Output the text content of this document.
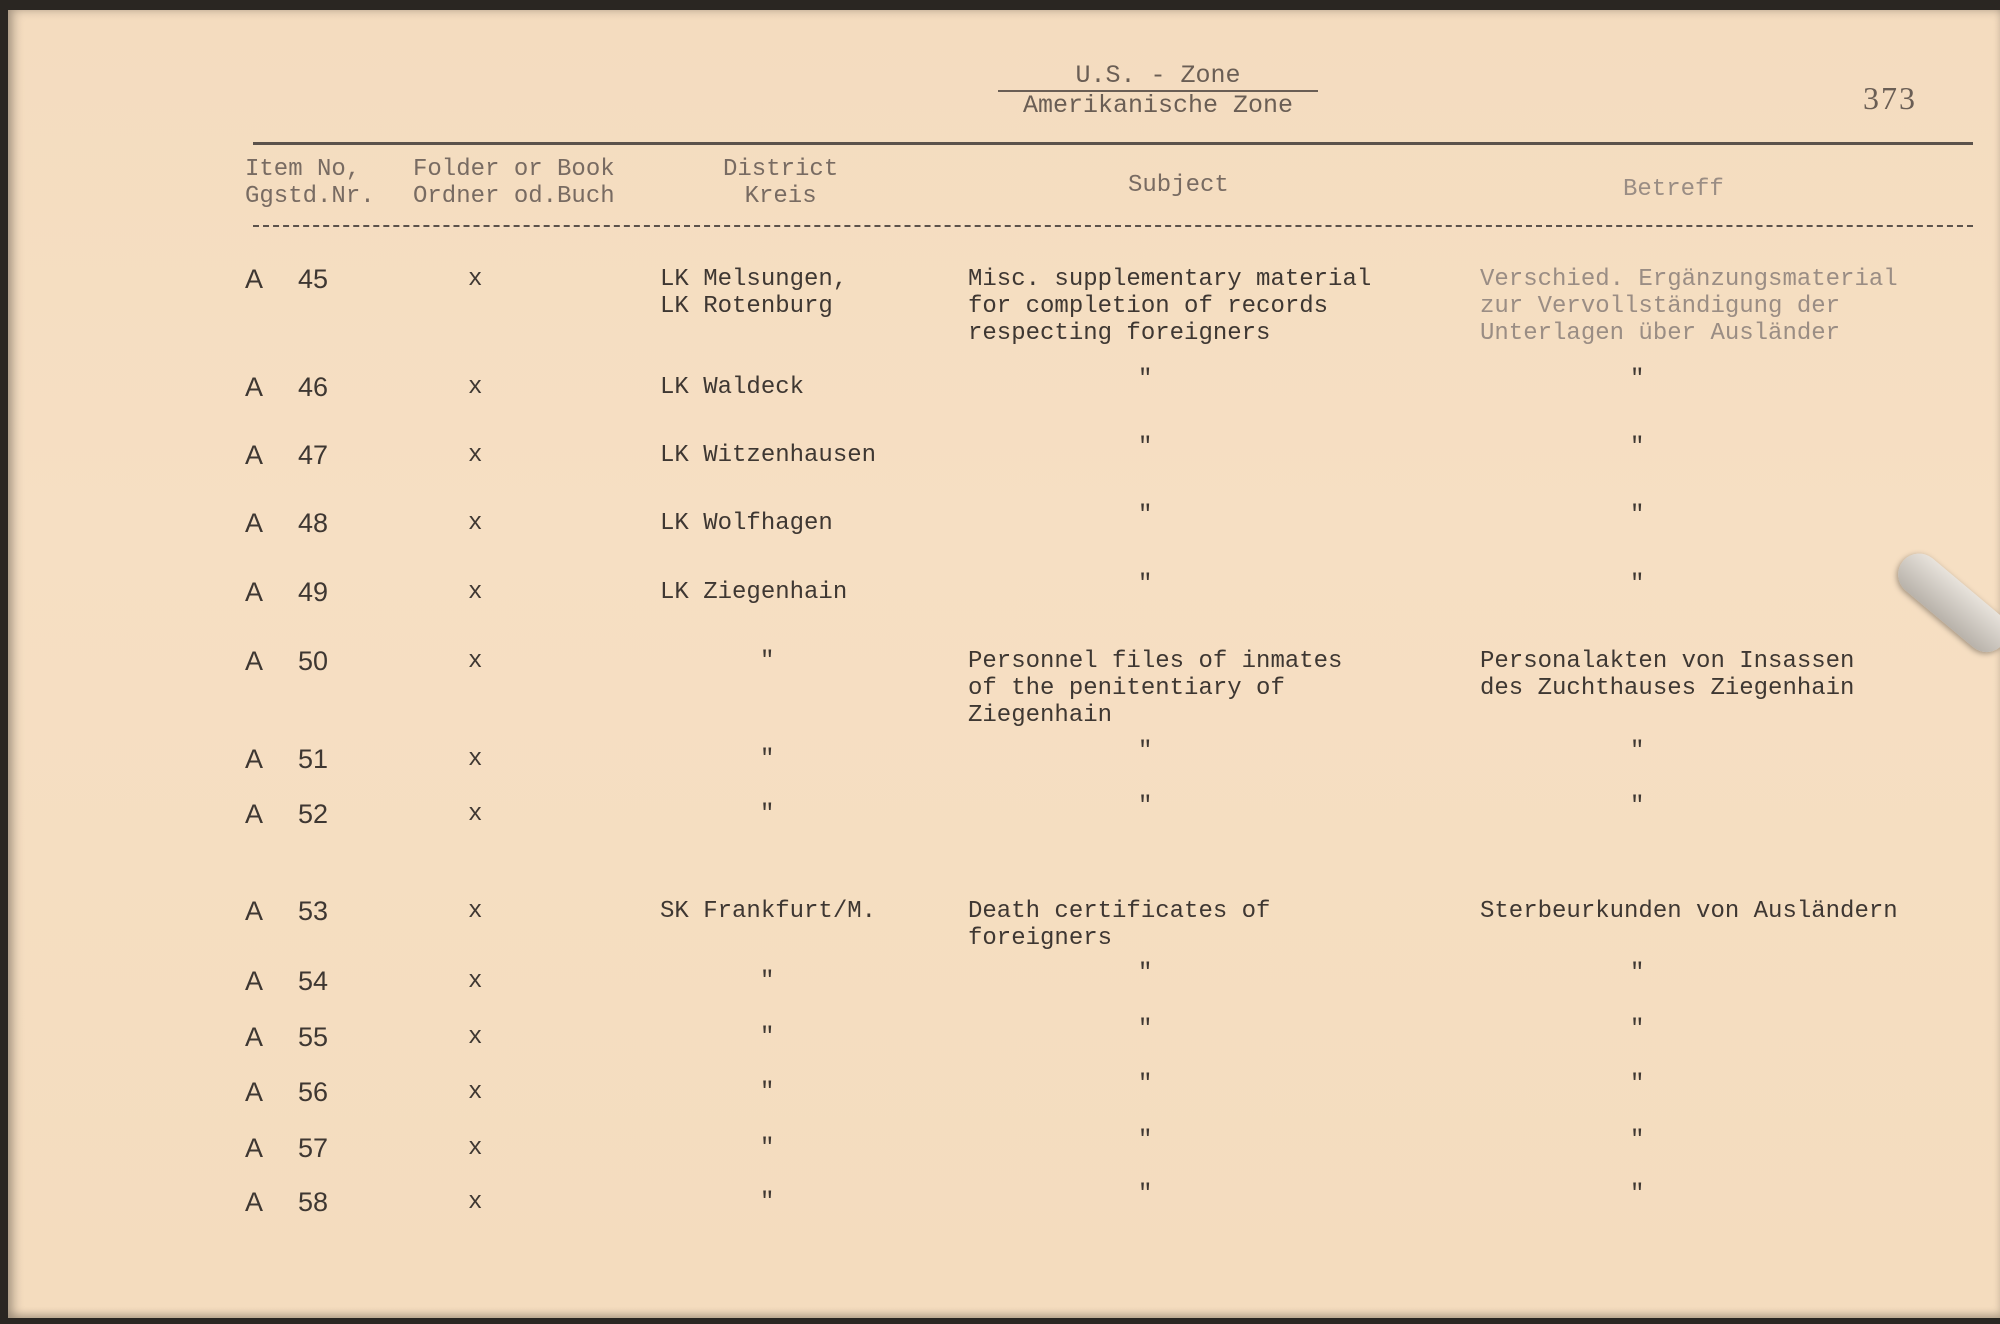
U.S. - Zone
Amerikanische Zone	373
Item No,
Ggstd.Nr.
Folder or Book
Ordner od.Buch
District
Kreis	Subject	Betreff
A 45	x	LK Melsungen,
LK Rotenburg
Misc. supplementary material
for completion of records
respecting foreigners
Verschied. Ergänzungsmaterial
zur Vervollständigung der
Unterlagen über Ausländer
A 46	x	LK Waldeck	"	"
A 47	x	LK Witzenhausen	"	"
A 48	x	LK Wolfhagen	"	"
A 49	x	LK Ziegenhain	"	"
A 50	x	"	Personnel files of inmates
of the penitentiary of
Ziegenhain
Personalakten von Insassen
des Zuchthauses Ziegenhain
A 51	x	"	"	"
A 52	x	"	"	"
A 53	x	SK Frankfurt/M.	Death certificates of
foreigners
Sterbeurkunden von Ausländern
A 54	x	"	"	"
A 55	x	"	"	"
A 56	x	"	"	"
A 57	x	"	"	"
A 58	x	"	"	"
